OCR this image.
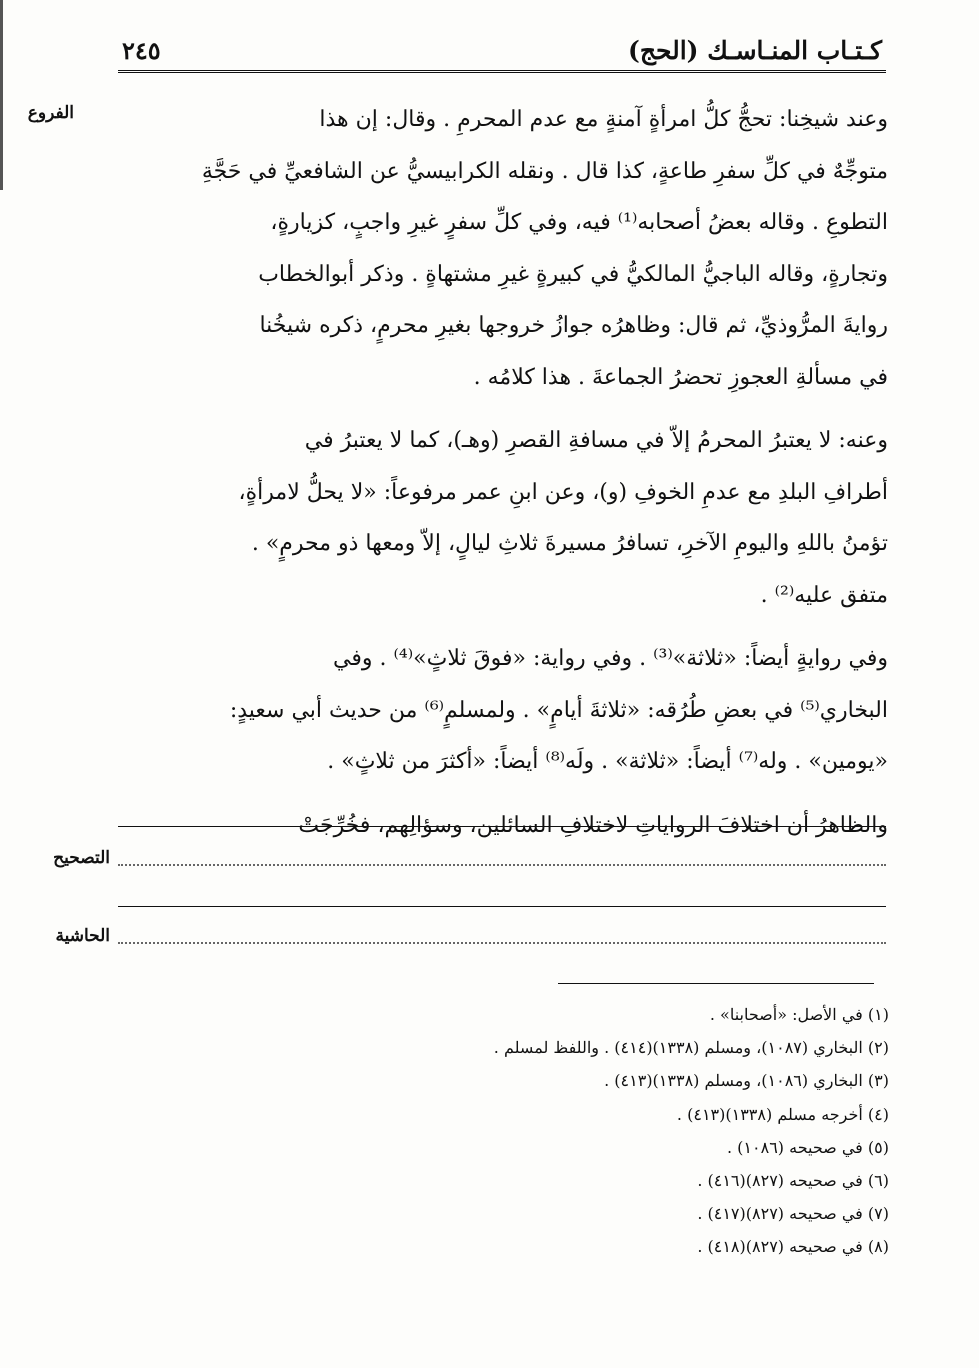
كـتـاب المنـاسـك (الحج)
٢٤٥
الفروع	وعند شيخِنا: تحجُّ كلُّ امرأةٍ آمنةٍ مع عدم المحرمِ . وقال: إن هذا
متوجِّهٌ في كلِّ سفرِ طاعةٍ، كذا قال . ونقله الكرابيسيُّ عن الشافعيِّ في حَجَّةِ
التطوعِ . وقاله بعضُ أصحابه⁽¹⁾ فيه، وفي كلِّ سفرٍ غيرِ واجبٍ، كزيارةٍ،
وتجارةٍ، وقاله الباجيُّ المالكيُّ في كبيرةٍ غيرِ مشتهاةٍ . وذكر أبوالخطاب
روايةَ المرُّوذيِّ، ثم قال: وظاهرُه جوازُ خروجها بغيرِ محرمٍ، ذكره شيخُنا
في مسألةِ العجوزِ تحضرُ الجماعةَ . هذا كلامُه .
وعنه: لا يعتبرُ المحرمُ إلاّ في مسافةِ القصرِ (وهـ)، كما لا يعتبرُ في
أطرافِ البلدِ مع عدمِ الخوفِ (و)، وعن ابنِ عمر مرفوعاً: «لا يحلُّ لامرأةٍ،
تؤمنُ باللهِ واليومِ الآخرِ، تسافرُ مسيرةَ ثلاثِ ليالٍ، إلاّ ومعها ذو محرمٍ» .
متفق عليه⁽²⁾ .
وفي روايةٍ أيضاً: «ثلاثة»⁽³⁾ . وفي رواية: «فوقَ ثلاثٍ»⁽⁴⁾ . وفي
البخاري⁽⁵⁾ في بعضِ طُرُقه: «ثلاثةَ أيامٍ» . ولمسلمٍ⁽⁶⁾ من حديث أبي سعيدٍ:
«يومين» . وله⁽⁷⁾ أيضاً: «ثلاثة» . ولَه⁽⁸⁾ أيضاً: «أكثرَ من ثلاثٍ» .
والظاهرُ أن اختلافَ الرواياتِ لاختلافِ السائلين، وسؤالِهم، فخُرِّجَتْ
التصحيح
الحاشية
(١) في الأصل: «أصحابنا» .
(٢) البخاري (١٠٨٧)، ومسلم (١٣٣٨)(٤١٤) . واللفظ لمسلم .
(٣) البخاري (١٠٨٦)، ومسلم (١٣٣٨)(٤١٣) .
(٤) أخرجه مسلم (١٣٣٨)(٤١٣) .
(٥) في صحيحه (١٠٨٦) .
(٦) في صحيحه (٨٢٧)(٤١٦) .
(٧) في صحيحه (٨٢٧)(٤١٧) .
(٨) في صحيحه (٨٢٧)(٤١٨) .
